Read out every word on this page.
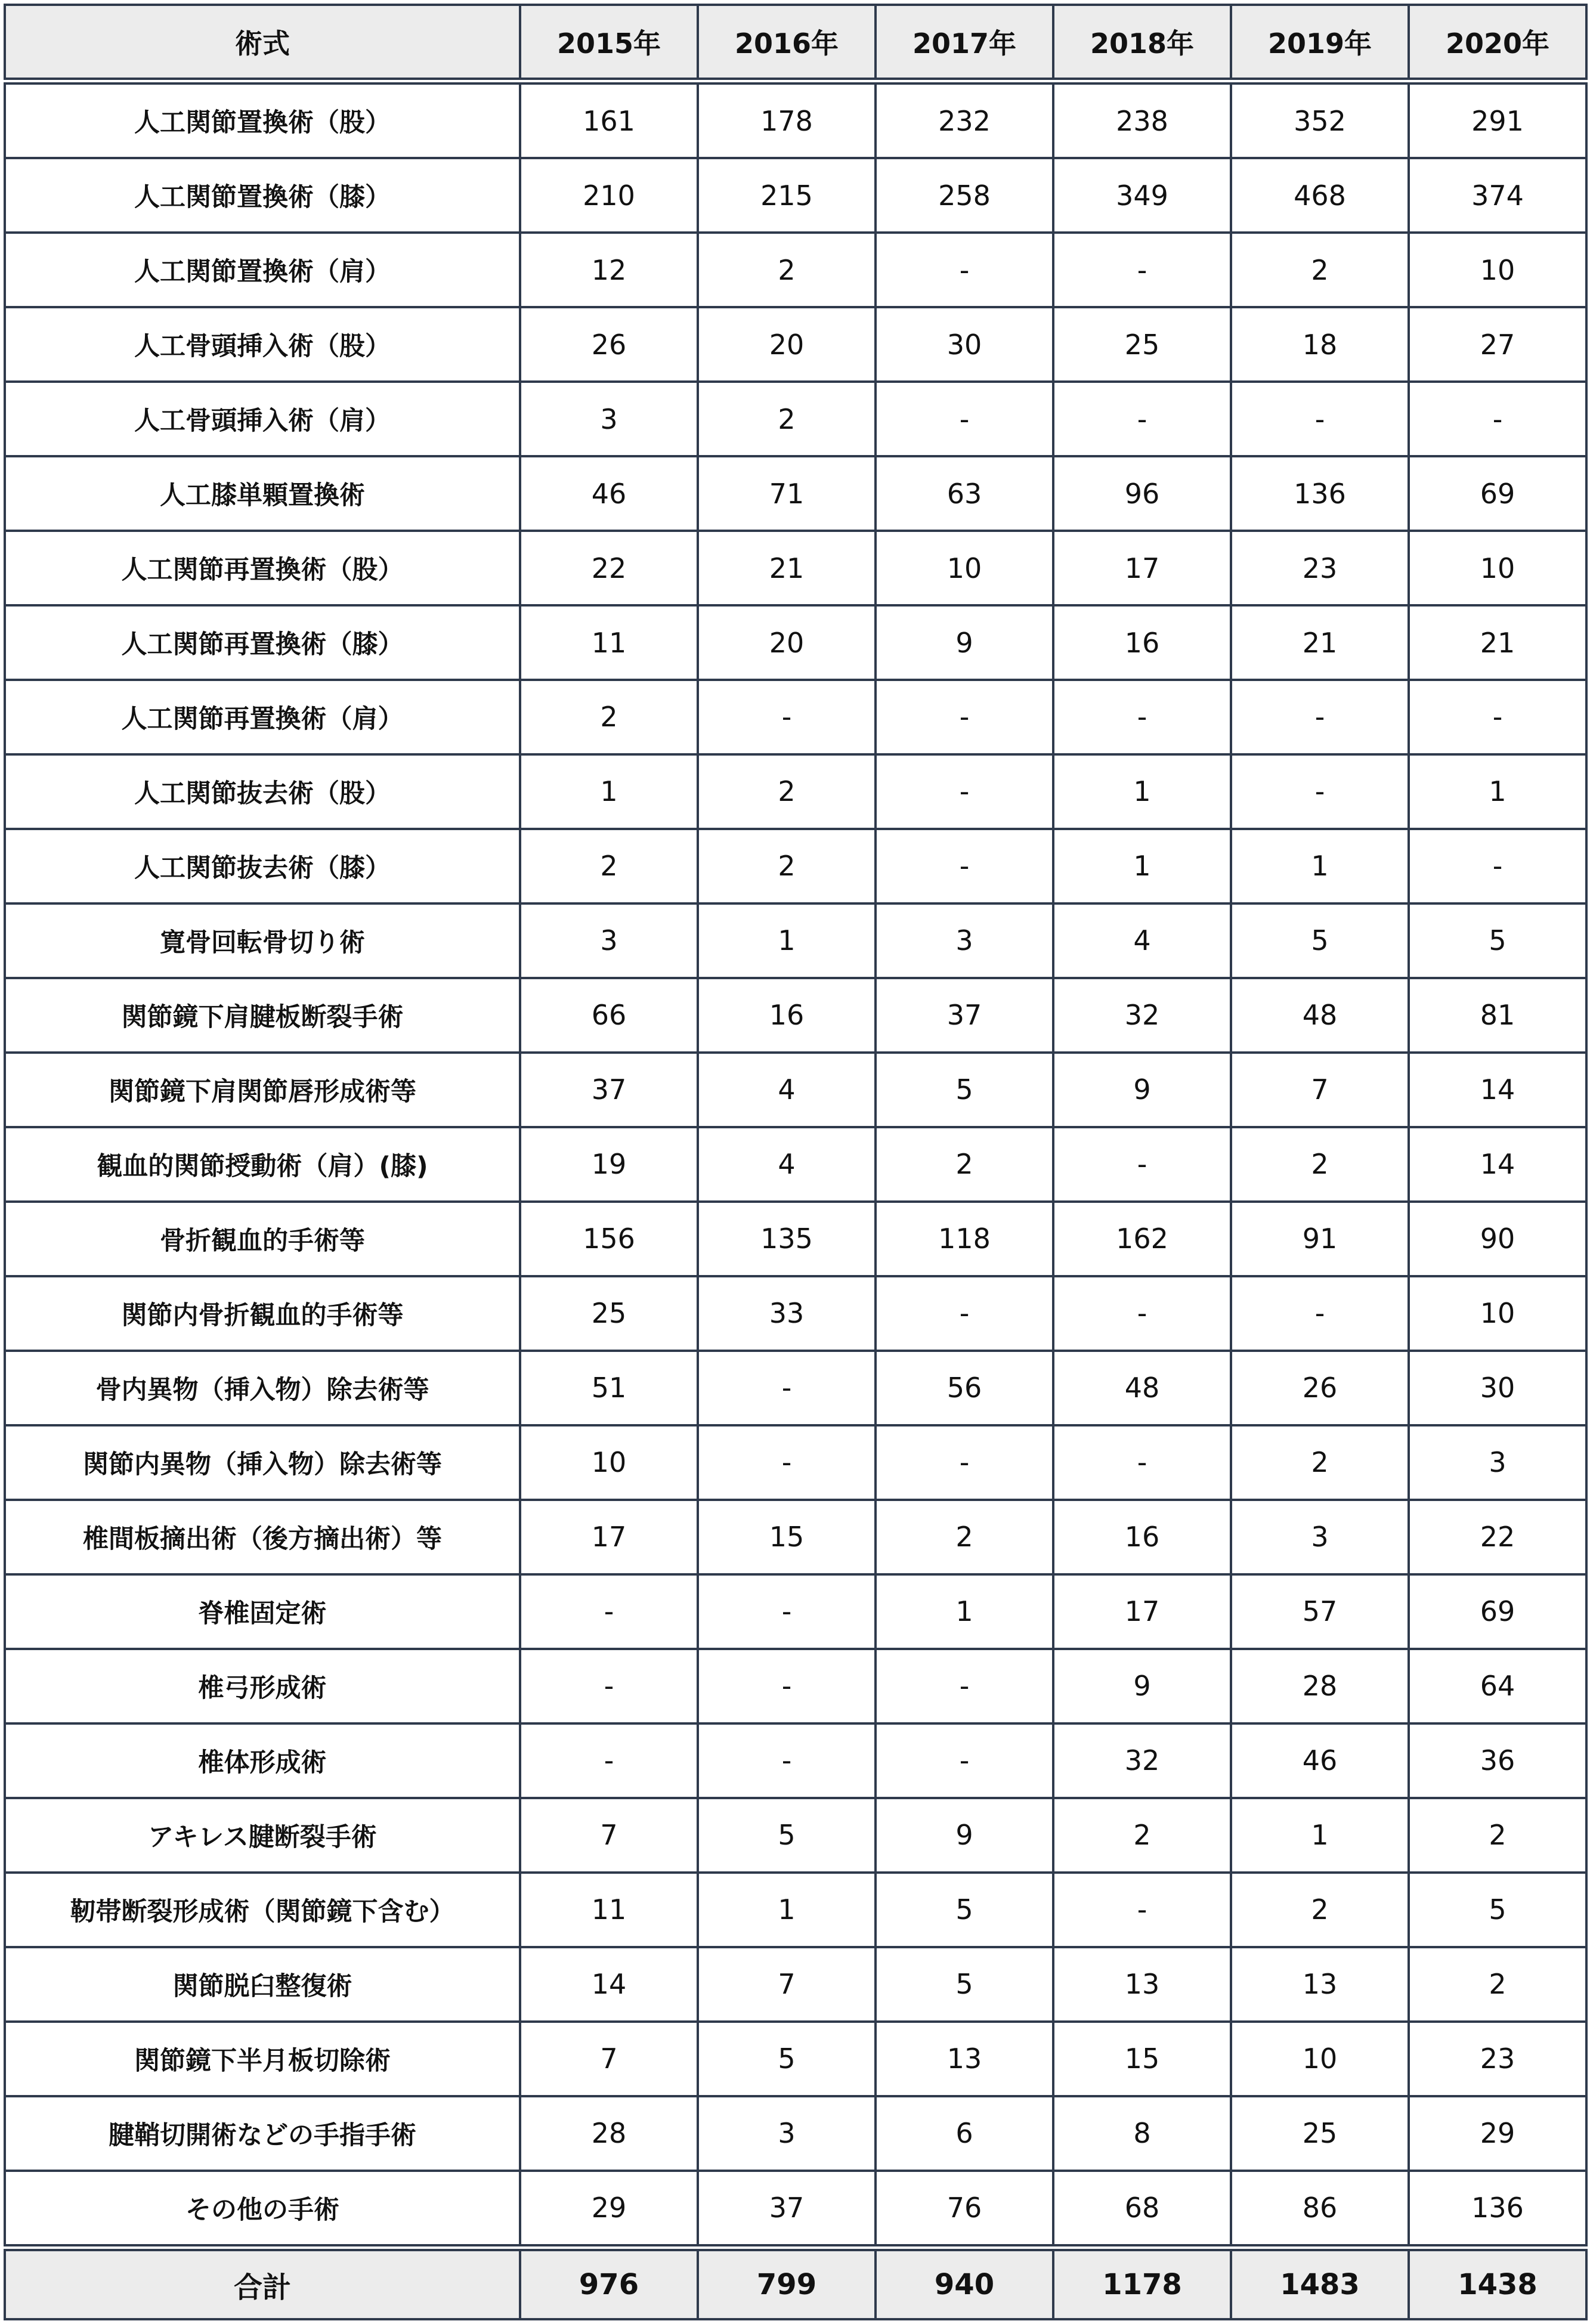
術式	2015年	2016年	2017年	2018年	2019年	2020年
人工関節置換術（股）	161	178	232	238	352	291
人工関節置換術（膝）	210	215	258	349	468	374
人工関節置換術（肩）	12	2	-	-	2	10
人工骨頭挿入術（股）	26	20	30	25	18	27
人工骨頭挿入術（肩）	3	2	-	-	-	-
人工膝単顆置換術	46	71	63	96	136	69
人工関節再置換術（股）	22	21	10	17	23	10
人工関節再置換術（膝）	11	20	9	16	21	21
人工関節再置換術（肩）	2	-	-	-	-	-
人工関節抜去術（股）	1	2	-	1	-	1
人工関節抜去術（膝）	2	2	-	1	1	-
寛骨回転骨切り術	3	1	3	4	5	5
関節鏡下肩腱板断裂手術	66	16	37	32	48	81
関節鏡下肩関節唇形成術等	37	4	5	9	7	14
観血的関節授動術（肩）(膝)	19	4	2	-	2	14
骨折観血的手術等	156	135	118	162	91	90
関節内骨折観血的手術等	25	33	-	-	-	10
骨内異物（挿入物）除去術等	51	-	56	48	26	30
関節内異物（挿入物）除去術等	10	-	-	-	2	3
椎間板摘出術（後方摘出術）等	17	15	2	16	3	22
脊椎固定術	-	-	1	17	57	69
椎弓形成術	-	-	-	9	28	64
椎体形成術	-	-	-	32	46	36
アキレス腱断裂手術	7	5	9	2	1	2
靭帯断裂形成術（関節鏡下含む）	11	1	5	-	2	5
関節脱臼整復術	14	7	5	13	13	2
関節鏡下半月板切除術	7	5	13	15	10	23
腱鞘切開術などの手指手術	28	3	6	8	25	29
その他の手術	29	37	76	68	86	136
合計	976	799	940	1178	1483	1438
